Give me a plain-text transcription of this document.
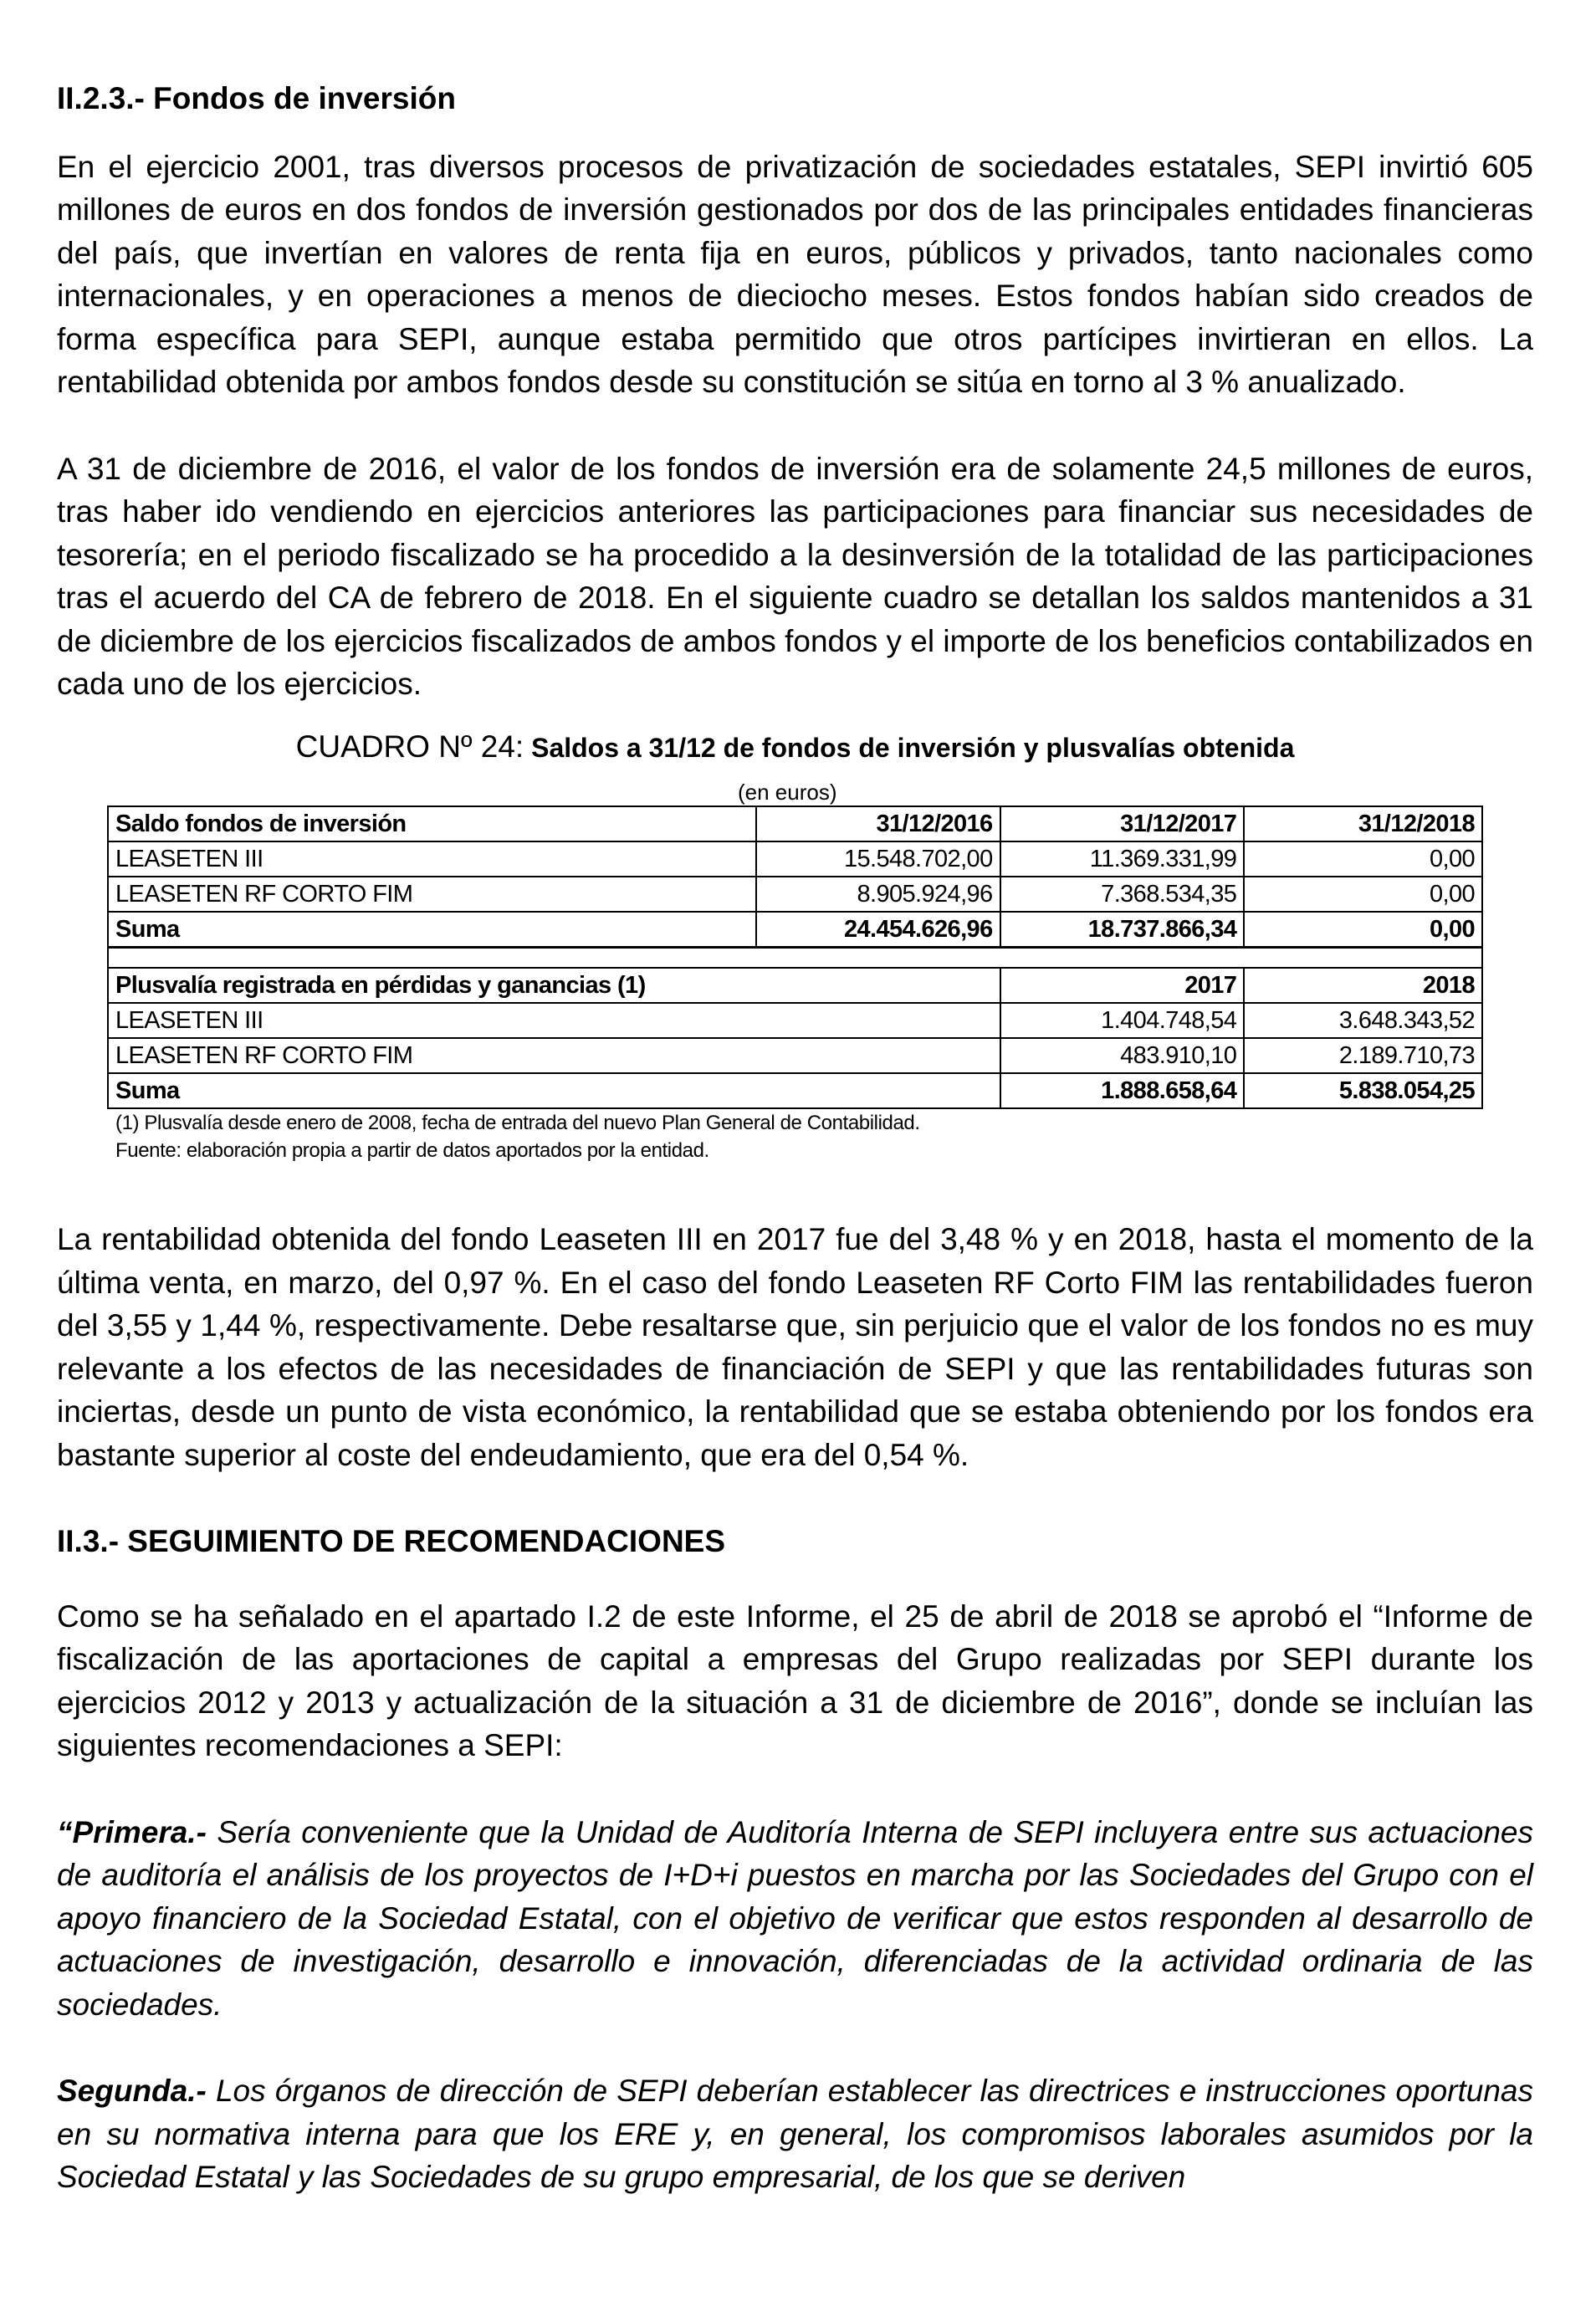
II.2.3.- Fondos de inversión

En el ejercicio 2001, tras diversos procesos de privatización de sociedades estatales, SEPI invirtió 605 millones de euros en dos fondos de inversión gestionados por dos de las principales entidades financieras del país, que invertían en valores de renta fija en euros, públicos y privados, tanto nacionales como internacionales, y en operaciones a menos de dieciocho meses. Estos fondos habían sido creados de forma específica para SEPI, aunque estaba permitido que otros partícipes invirtieran en ellos. La rentabilidad obtenida por ambos fondos desde su constitución se sitúa en torno al 3 % anualizado.

A 31 de diciembre de 2016, el valor de los fondos de inversión era de solamente 24,5 millones de euros, tras haber ido vendiendo en ejercicios anteriores las participaciones para financiar sus necesidades de tesorería; en el periodo fiscalizado se ha procedido a la desinversión de la totalidad de las participaciones tras el acuerdo del CA de febrero de 2018. En el siguiente cuadro se detallan los saldos mantenidos a 31 de diciembre de los ejercicios fiscalizados de ambos fondos y el importe de los beneficios contabilizados en cada uno de los ejercicios.

CUADRO Nº 24: Saldos a 31/12 de fondos de inversión y plusvalías obtenida
(en euros)
Saldo fondos de inversión	31/12/2016	31/12/2017	31/12/2018
LEASETEN III	15.548.702,00	11.369.331,99	0,00
LEASETEN RF CORTO FIM	8.905.924,96	7.368.534,35	0,00
Suma	24.454.626,96	18.737.866,34	0,00

Plusvalía registrada en pérdidas y ganancias (1)	2017	2018
LEASETEN III	1.404.748,54	3.648.343,52
LEASETEN RF CORTO FIM	483.910,10	2.189.710,73
Suma	1.888.658,64	5.838.054,25
(1) Plusvalía desde enero de 2008, fecha de entrada del nuevo Plan General de Contabilidad.
Fuente: elaboración propia a partir de datos aportados por la entidad.

La rentabilidad obtenida del fondo Leaseten III en 2017 fue del 3,48 % y en 2018, hasta el momento de la última venta, en marzo, del 0,97 %. En el caso del fondo Leaseten RF Corto FIM las rentabilidades fueron del 3,55 y 1,44 %, respectivamente. Debe resaltarse que, sin perjuicio que el valor de los fondos no es muy relevante a los efectos de las necesidades de financiación de SEPI y que las rentabilidades futuras son inciertas, desde un punto de vista económico, la rentabilidad que se estaba obteniendo por los fondos era bastante superior al coste del endeudamiento, que era del 0,54 %.

II.3.- SEGUIMIENTO DE RECOMENDACIONES

Como se ha señalado en el apartado I.2 de este Informe, el 25 de abril de 2018 se aprobó el “Informe de fiscalización de las aportaciones de capital a empresas del Grupo realizadas por SEPI durante los ejercicios 2012 y 2013 y actualización de la situación a 31 de diciembre de 2016”, donde se incluían las siguientes recomendaciones a SEPI:

“Primera.- Sería conveniente que la Unidad de Auditoría Interna de SEPI incluyera entre sus actuaciones de auditoría el análisis de los proyectos de I+D+i puestos en marcha por las Sociedades del Grupo con el apoyo financiero de la Sociedad Estatal, con el objetivo de verificar que estos responden al desarrollo de actuaciones de investigación, desarrollo e innovación, diferenciadas de la actividad ordinaria de las sociedades.

Segunda.- Los órganos de dirección de SEPI deberían establecer las directrices e instrucciones oportunas en su normativa interna para que los ERE y, en general, los compromisos laborales asumidos por la Sociedad Estatal y las Sociedades de su grupo empresarial, de los que se deriven
